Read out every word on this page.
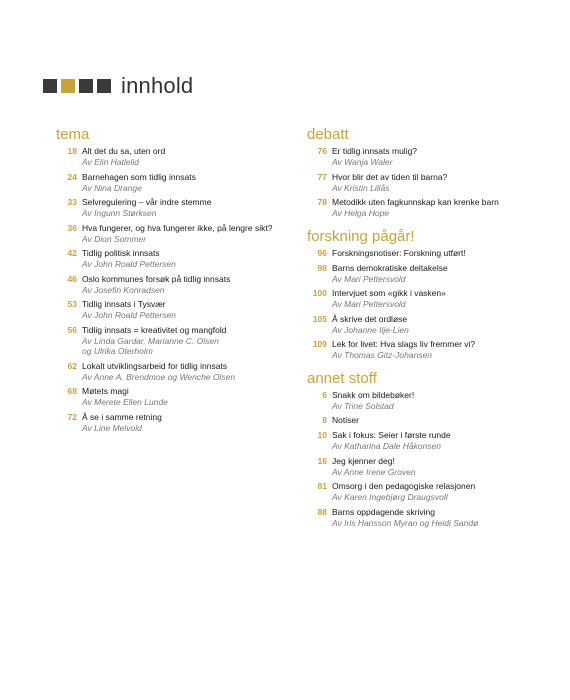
innhold
tema
18 Alt det du sa, uten ord
Av Elin Hatlelid
24 Barnehagen som tidlig innsats
Av Nina Drange
33 Selvregulering – vår indre stemme
Av Ingunn Størksen
36 Hva fungerer, og hva fungerer ikke, på lengre sikt?
Av Dion Sommer
42 Tidlig politisk innsats
Av John Roald Pettersen
46 Oslo kommunes forsøk på tidlig innsats
Av Josefin Konradsen
53 Tidlig innsats i Tysvær
Av John Roald Pettersen
56 Tidlig innsats = kreativitet og mangfold
Av Linda Gardar, Marianne C. Olsen
og Ulrika Oterholm
62 Lokalt utviklingsarbeid for tidlig innsats
Av Anne A. Brendmoe og Wenche Olsen
68 Møtets magi
Av Merete Ellen Lunde
72 Å se i samme retning
Av Line Melvold
debatt
76 Er tidlig innsats mulig?
Av Wanja Waler
77 Hvor blir det av tiden til barna?
Av Kristin Lillås
78 Metodikk uten fagkunnskap kan krenke barn
Av Helga Hope
forskning pågår!
96 Forskningsnotiser: Forskning utført!
98 Barns demokratiske deltakelse
Av Mari Pettersvold
100 Intervjuet som «gikk i vasken»
Av Mari Pettersvold
105 Å skrive det ordløse
Av Johanne Ilje-Lien
109 Lek for livet: Hva slags liv fremmer vi?
Av Thomas Gitz-Johansen
annet stoff
6 Snakk om bildebøker!
Av Trine Solstad
8 Notiser
10 Sak i fokus: Seier i første runde
Av Katharina Dale Håkonsen
16 Jeg kjenner deg!
Av Anne Irene Groven
81 Omsorg i den pedagogiske relasjonen
Av Karen Ingebjørg Draugsvoll
88 Barns oppdagende skriving
Av Iris Hansson Myran og Heidi Sandø
